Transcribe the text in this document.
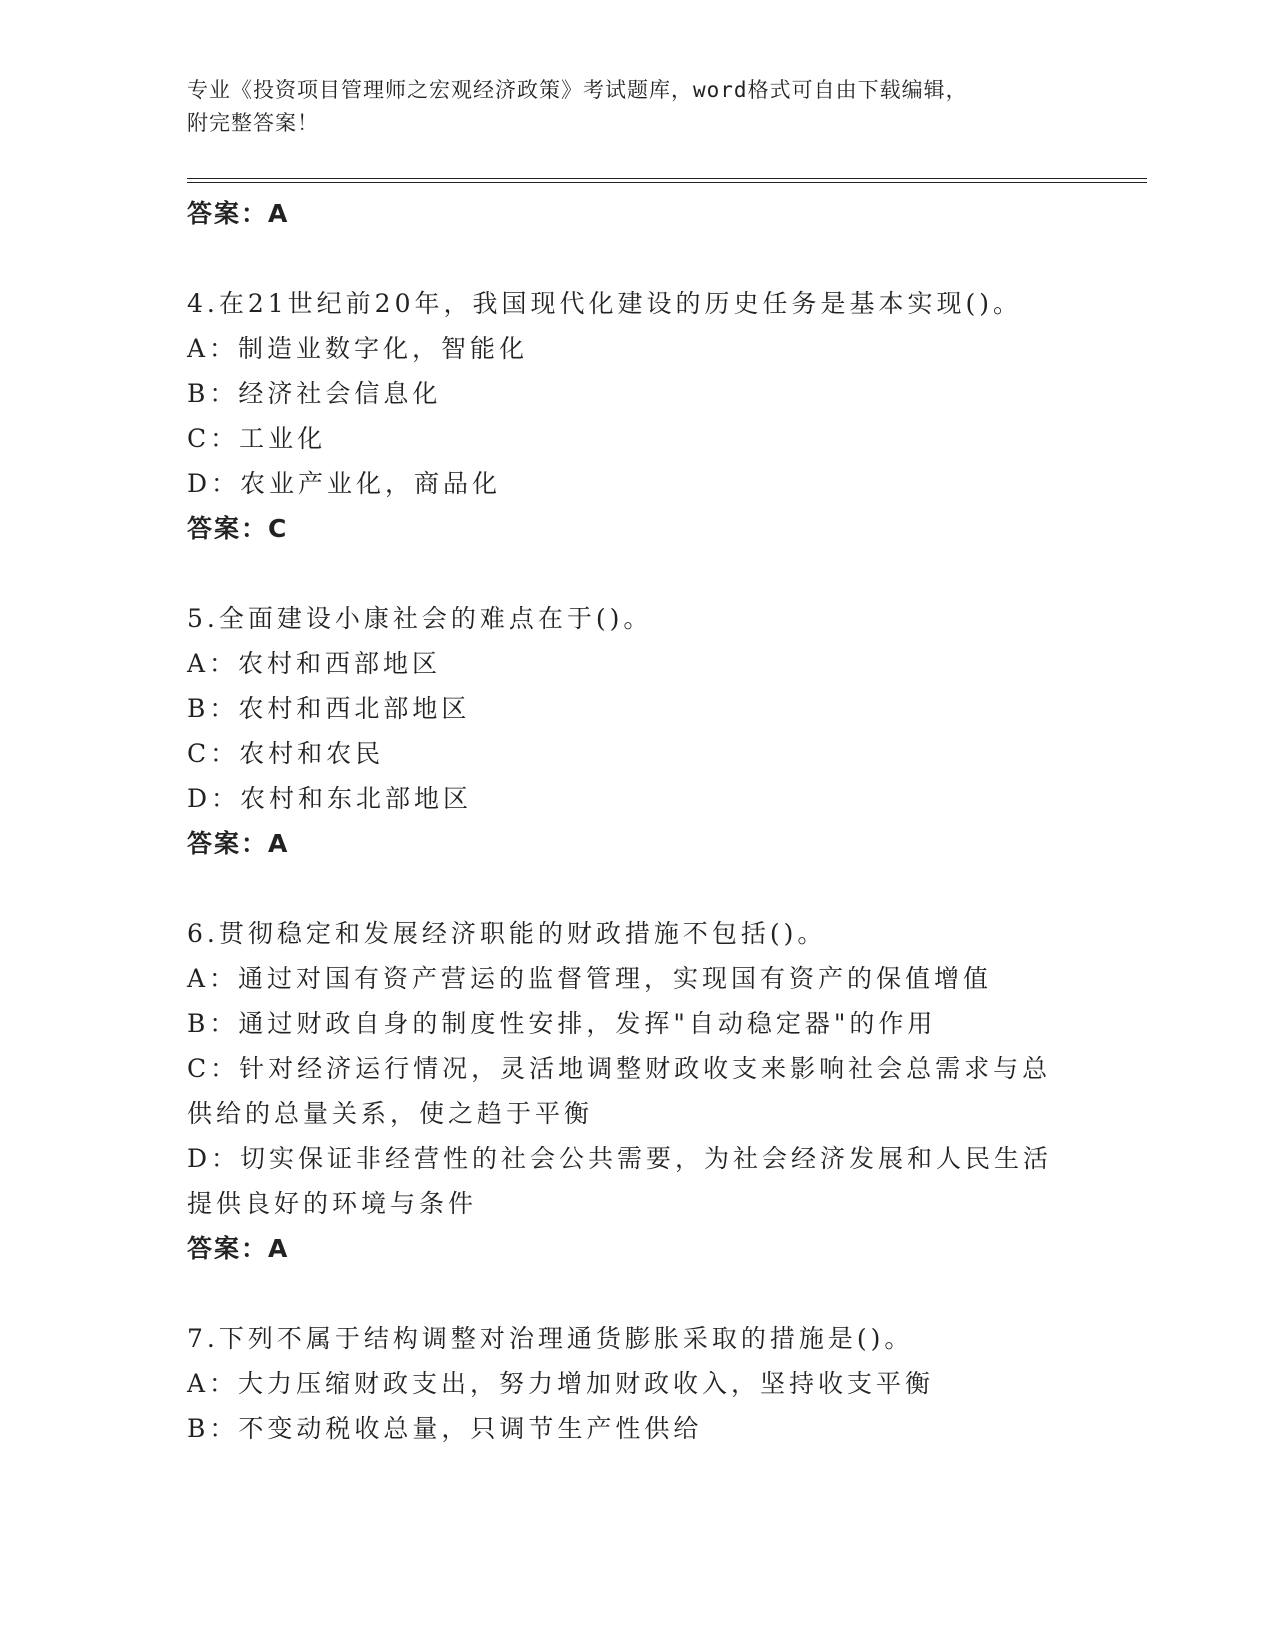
专业《投资项目管理师之宏观经济政策》考试题库，word格式可自由下载编辑，
附完整答案！
答案：A
4.在21世纪前20年，我国现代化建设的历史任务是基本实现()。
A：制造业数字化，智能化
B：经济社会信息化
C：工业化
D：农业产业化，商品化
答案：C
5.全面建设小康社会的难点在于()。
A：农村和西部地区
B：农村和西北部地区
C：农村和农民
D：农村和东北部地区
答案：A
6.贯彻稳定和发展经济职能的财政措施不包括()。
A：通过对国有资产营运的监督管理，实现国有资产的保值增值
B：通过财政自身的制度性安排，发挥"自动稳定器"的作用
C：针对经济运行情况，灵活地调整财政收支来影响社会总需求与总供给的总量关系，使之趋于平衡
D：切实保证非经营性的社会公共需要，为社会经济发展和人民生活提供良好的环境与条件
答案：A
7.下列不属于结构调整对治理通货膨胀采取的措施是()。
A：大力压缩财政支出，努力增加财政收入，坚持收支平衡
B：不变动税收总量，只调节生产性供给
